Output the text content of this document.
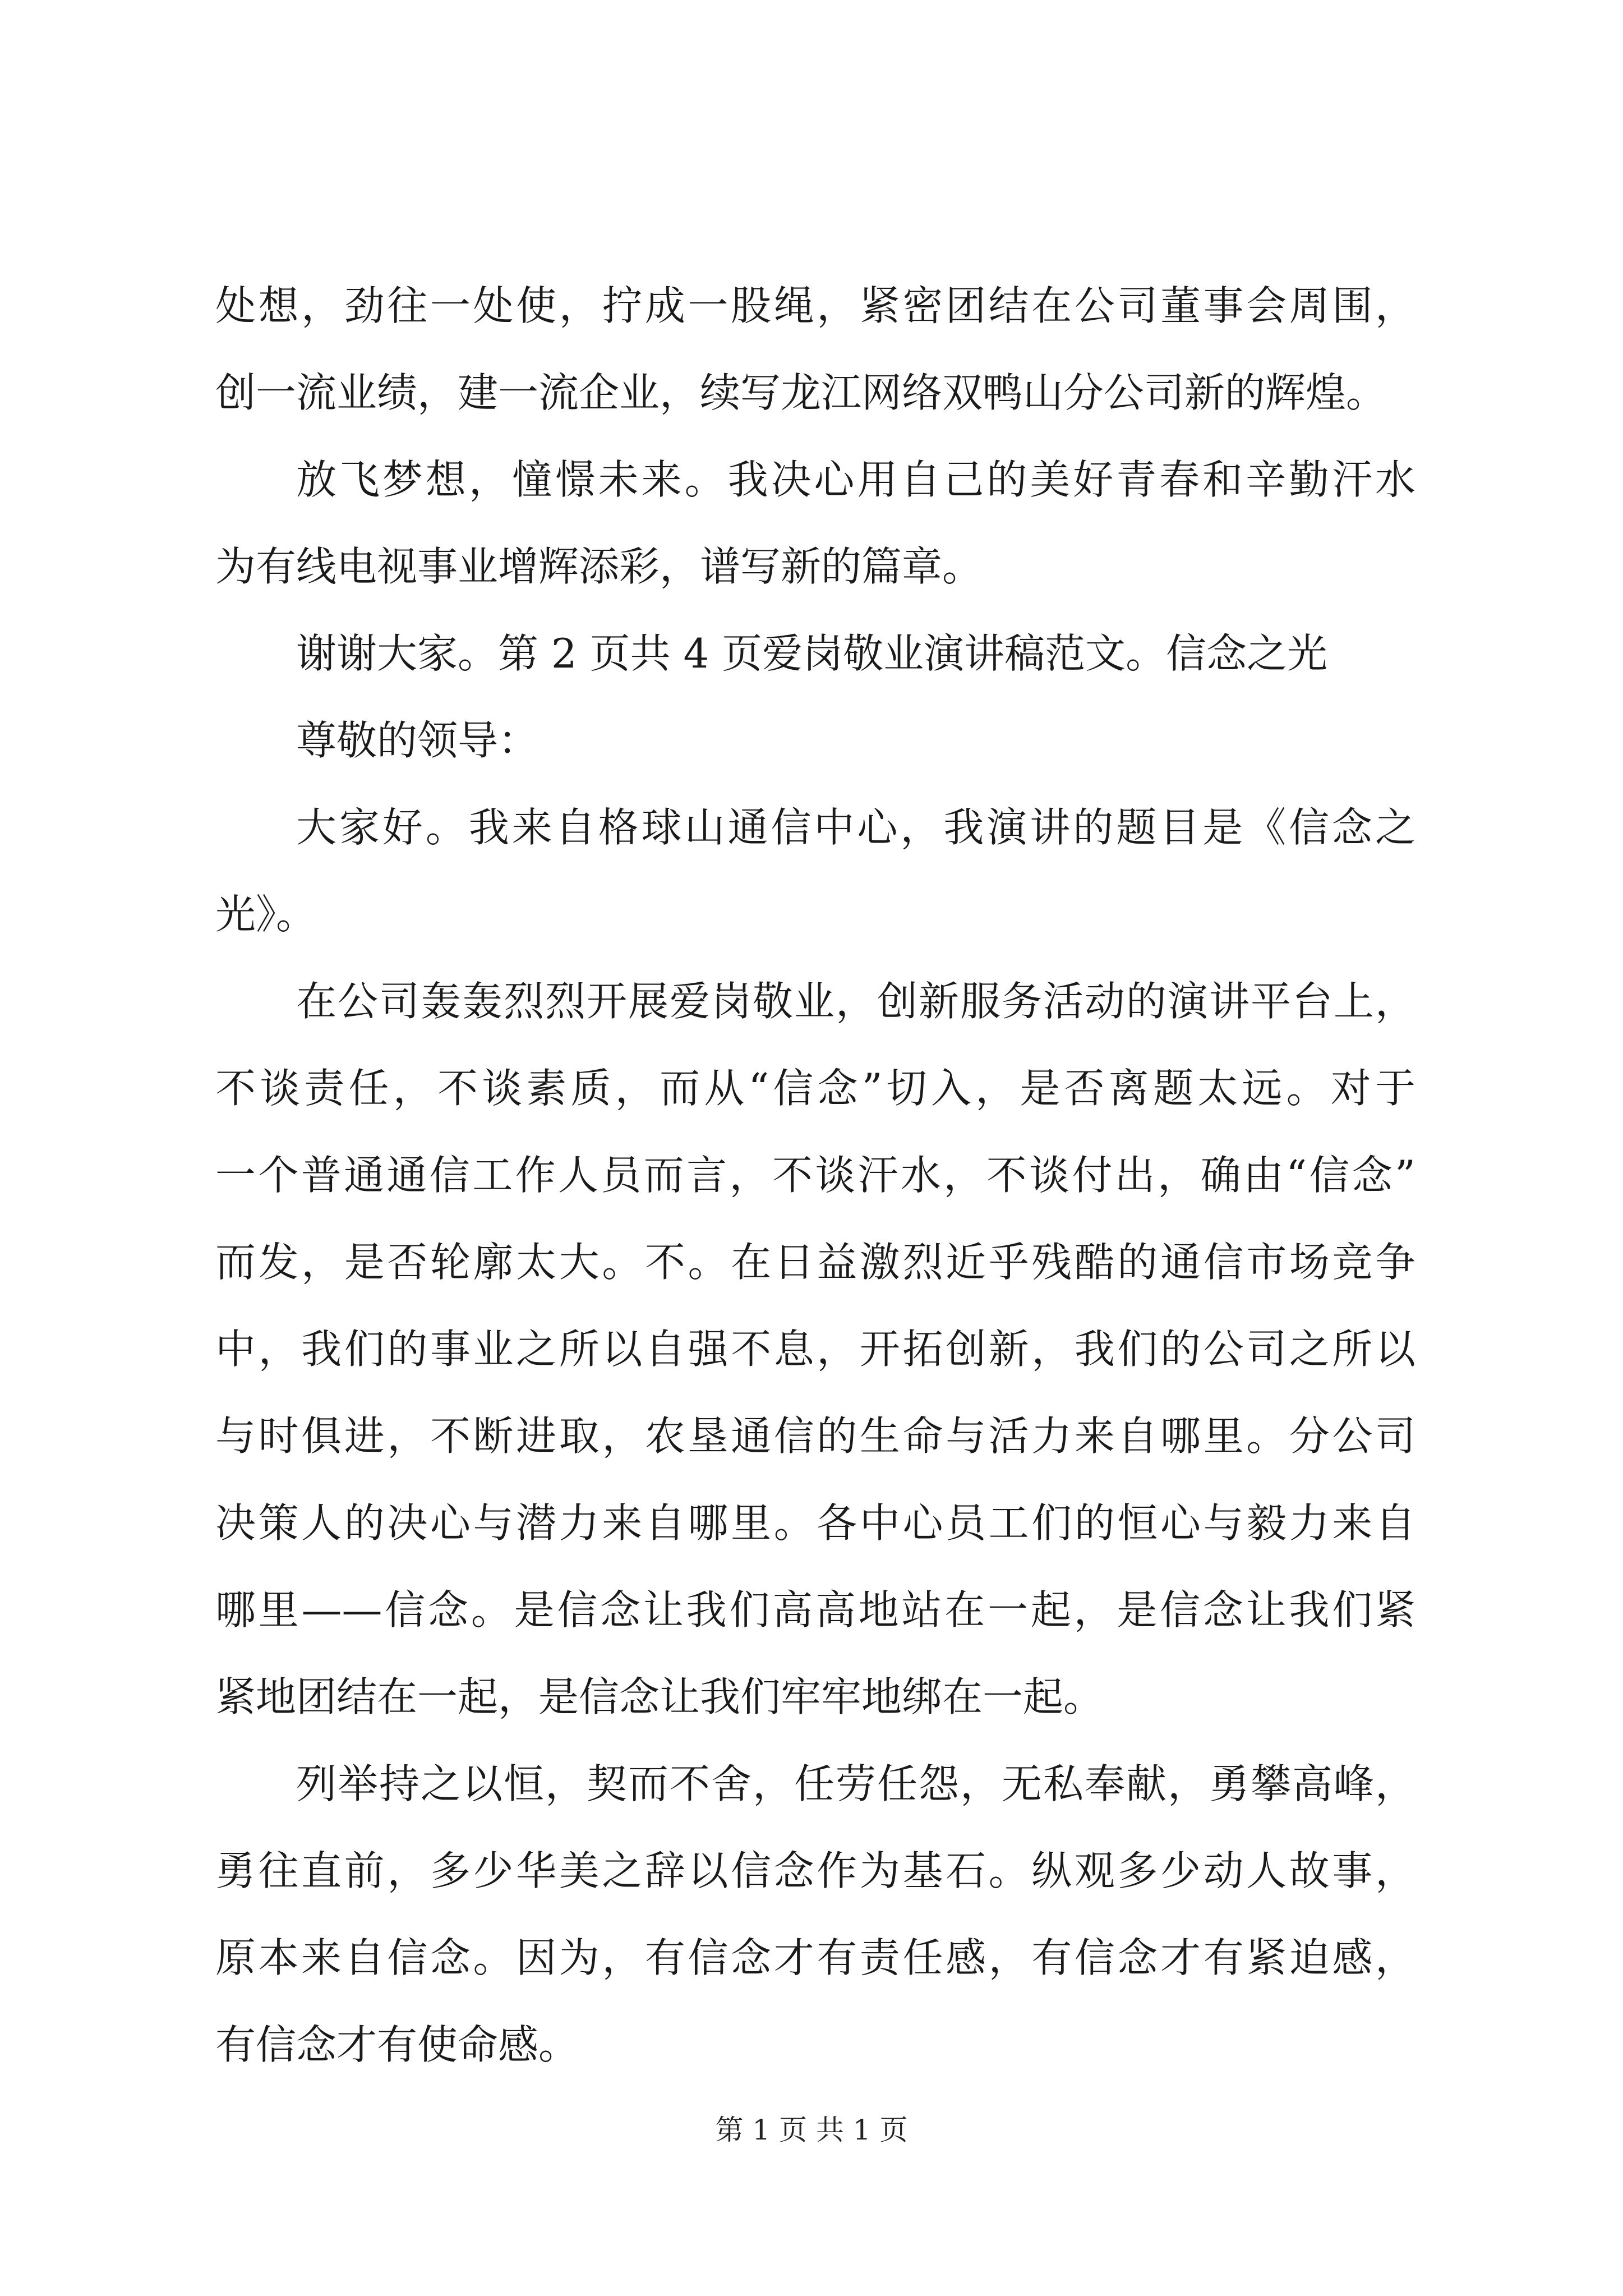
处想，劲往一处使，拧成一股绳，紧密团结在公司董事会周围，
创一流业绩，建一流企业，续写龙江网络双鸭山分公司新的辉煌。
放飞梦想，憧憬未来。我决心用自己的美好青春和辛勤汗水
为有线电视事业增辉添彩，谱写新的篇章。
谢谢大家。第 2 页共 4 页爱岗敬业演讲稿范文。信念之光
尊敬的领导：
大家好。我来自格球山通信中心，我演讲的题目是《信念之
光》。
在公司轰轰烈烈开展爱岗敬业，创新服务活动的演讲平台上，
不谈责任，不谈素质，而从“信念”切入，是否离题太远。对于
一个普通通信工作人员而言，不谈汗水，不谈付出，确由“信念”
而发，是否轮廓太大。不。在日益激烈近乎残酷的通信市场竞争
中，我们的事业之所以自强不息，开拓创新，我们的公司之所以
与时俱进，不断进取，农垦通信的生命与活力来自哪里。分公司
决策人的决心与潜力来自哪里。各中心员工们的恒心与毅力来自
哪里——信念。是信念让我们高高地站在一起，是信念让我们紧
紧地团结在一起，是信念让我们牢牢地绑在一起。
列举持之以恒，契而不舍，任劳任怨，无私奉献，勇攀高峰，
勇往直前，多少华美之辞以信念作为基石。纵观多少动人故事，
原本来自信念。因为，有信念才有责任感，有信念才有紧迫感，
有信念才有使命感。
第 1 页 共 1 页
